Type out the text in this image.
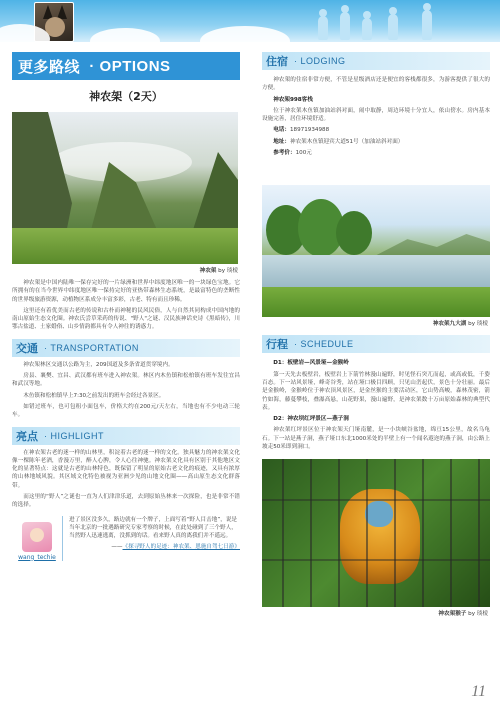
更多路线
· OPTIONS
神农架（2天）
神农架 by 琰棱

神农架是中国内陆唯一保存完好的一片绿洲和世界中纬度地区唯一的一块绿色宝地。它所拥有的在当今世界中纬度地区唯一保持完好的亚热带森林生态系统，是最富特色的垄断性的世界级旅游资源，动植物区系成分丰富多彩，古老、特有而且珍稀。

这里还有着优美而古老的传说和古朴而神秘的民风民俗，人与自然其同构成中国内地的南山原始生态文化圈。神农氏尝草采药的传说、"野人"之谜、汉民族神话史诗《黑暗传》，川鄂古盐道、土家婚俗、山乡情韵都具有令人神往的诱惑力。

交通 · TRANSPORTATION

神农架林区交通以公路为主，209国道及多条省道贯穿境内。

房县、襄樊、宜昌、武汉都有班车进入神农架。林区内木鱼镇和松柏镇有班车发往宜昌和武汉等地。

木鱼镇和松柏镇早上7:30之前发出的班车会经过各景区。

如错过班车，也可包租小面包车，价格大约在200元/天左右，当地也有不少电动三轮车。

亮点 · HIGHLIGHT

在神农架古老的迷一样的山林里，积淀着古老的迷一样的文化。独具魅力的神农架文化像一棵陈年老酒，香漫万里，醉人心脾，令人心往神驰。神农架文化具有区别于其他地区文化的显著特点：这就是古老的山林特色，既保留了明显的原始古老文化的痕迹，又具有浓厚的山林地域风貌。其区域文化特色被视为亚洲少见的山地文化圈——高山原生态文化群落带。

而这里的“野人”之谜也一直为人们津津乐道，去到原始丛林来一次探险，也是非常不错的选择。

wang_techie
进了景区没多久，路边就有一个牌子，上面写着“野人目击地”，说是当年北京的一批遇路研究专家考察的时候，在此处碰到了三个野人，当然野人迅速逃离，没抓到的话。看来野人真的离我们并不遥远。
——《探寻野人的足迹：神农架、恩施自驾七日游》
住宿 · LODGING

神农架的住宿非常方便，不管是星级酒店还是便宜的客栈都很多，为游客提供了很大的方便。

神农架998客栈

位于神农架木鱼镇加油站斜对面，闹中取静，周边环境十分宜人，依山傍水。房内基本设施完善，居住环境舒适。

电话：18971934988

地址：神农架木鱼镇迎宾大道51号（加油站斜对面）

参考价：100元

神农架九大湖 by 琰棱
行程 · SCHEDULE

D1：板壁岩—风景垭—金猴岭

第一天先去板壁岩，板壁岩上下箭竹林漫山遍野，时见怪石突兀而起，或高或低，千姿百态。下一站风景垭，峰奇谷秀，站在垭口极目四顾，只见山峦起伏，景色十分壮丽。最后是金猴岭，金猴岭位于神农顶风景区，是金丝猴的主要活动区，它山势高峻，森林茂密，箭竹如海，藤蔓攀枝，叠瀑高悬，山花野果，漫山遍野，是神农架数十万亩原始森林的典型代表。

D2：神农坝红坪景区—燕子洞

神农架红坪景区位于神农架天门垭南麓，是一小块峡谷盆地，绵亘15公里，故名乌龟石。下一站是燕子洞，燕子垭口东北1000米处的半壁上有一个闻名遐迩的燕子洞，由公路上坡走50米即到洞口。

神农架猴子 by 琰棱
11
